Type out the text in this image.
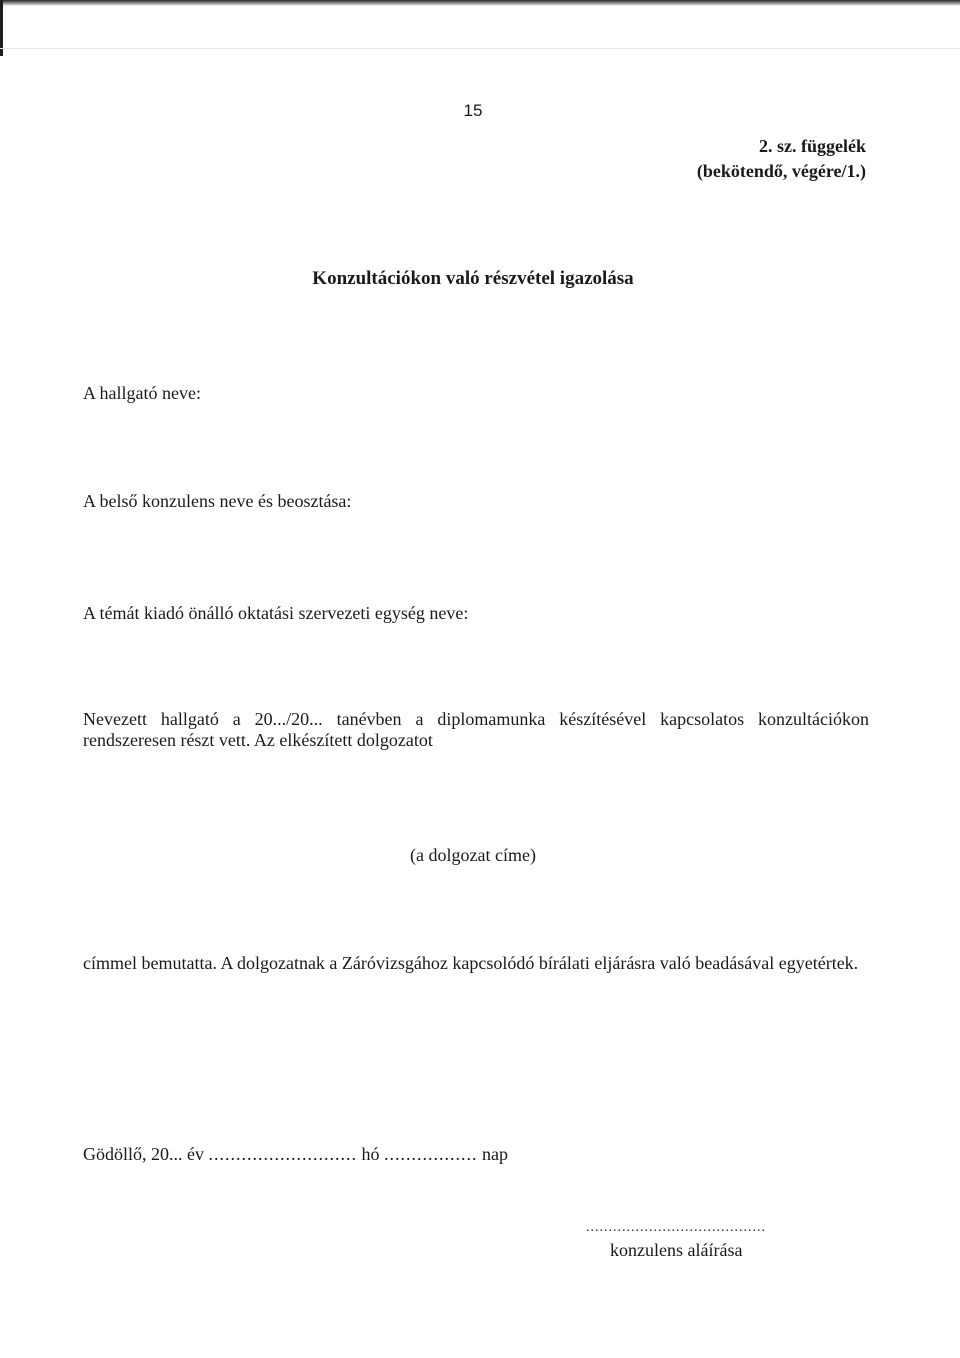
15
2. sz. függelék
(bekötendő, végére/1.)
Konzultációkon való részvétel igazolása
A hallgató neve:
A belső konzulens neve és beosztása:
A témát kiadó önálló oktatási szervezeti egység neve:
Nevezett hallgató a 20.../20... tanévben a diplomamunka készítésével kapcsolatos konzultációkon rendszeresen részt vett. Az elkészített dolgozatot
(a dolgozat címe)
címmel bemutatta. A dolgozatnak a Záróvizsgához kapcsolódó bírálati eljárásra való beadásával egyetértek.
Gödöllő, 20... év ........................... hó ................. nap
........................................
konzulens aláírása
